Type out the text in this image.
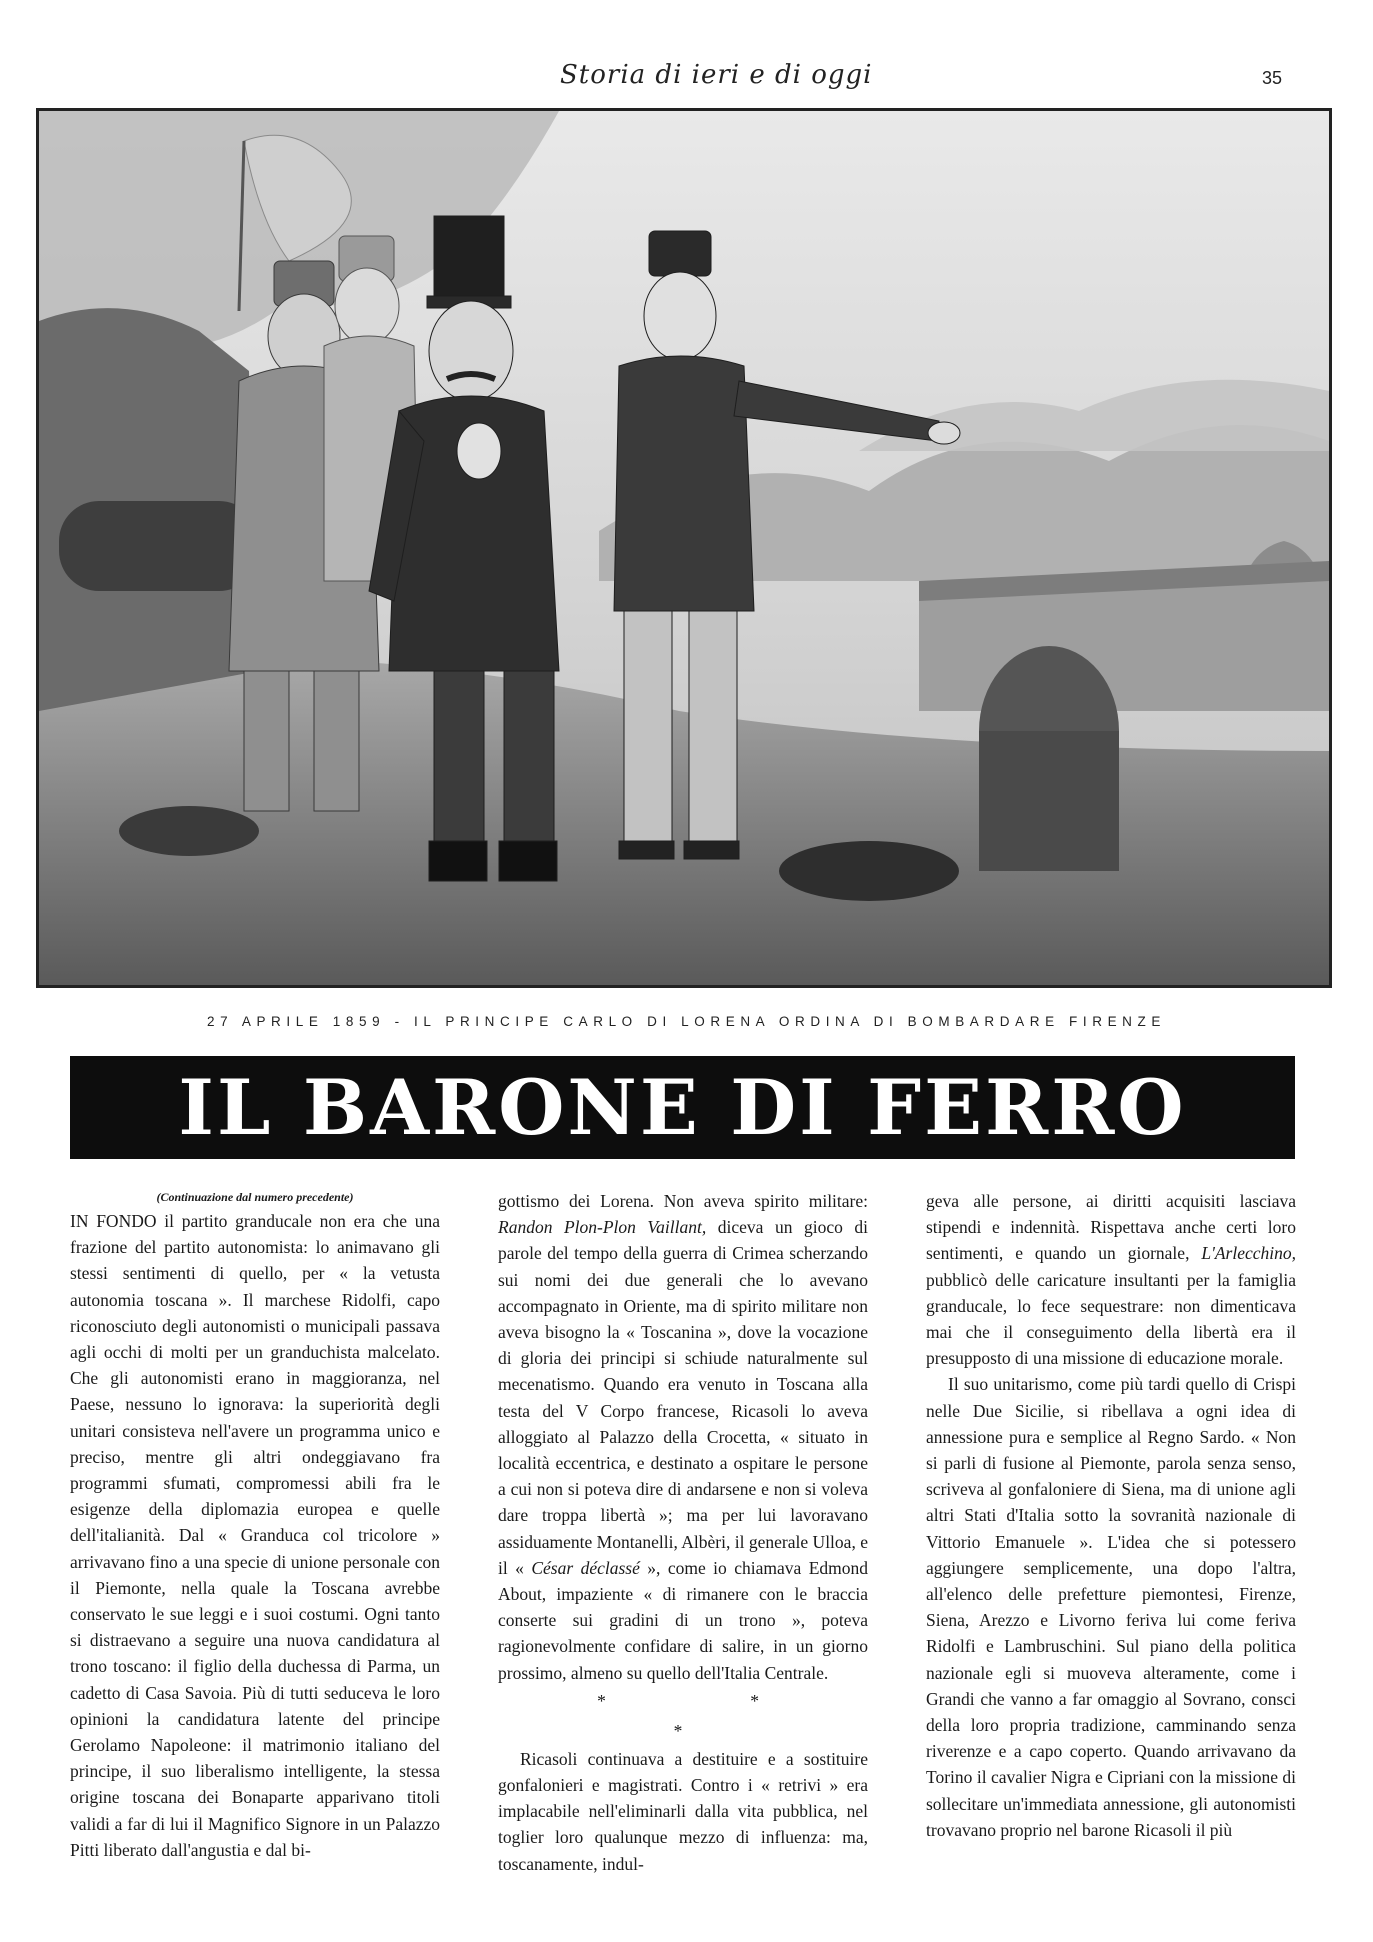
Storia di ieri e di oggi	35
27 APRILE 1859 - IL PRINCIPE CARLO DI LORENA ORDINA DI BOMBARDARE FIRENZE
IL BARONE DI FERRO

(Continuazione dal numero precedente)

IN FONDO il partito granducale non era che una frazione del partito autonomista: lo animavano gli stessi sentimenti di quello, per « la vetusta autonomia toscana ». Il marchese Ridolfi, capo riconosciuto degli autonomisti o municipali passava agli occhi di molti per un granduchista malcelato. Che gli autonomisti erano in maggioranza, nel Paese, nessuno lo ignorava: la superiorità degli unitari consisteva nell'avere un programma unico e preciso, mentre gli altri ondeggiavano fra programmi sfumati, compromessi abili fra le esigenze della diplomazia europea e quelle dell'italianità. Dal « Granduca col tricolore » arrivavano fino a una specie di unione personale con il Piemonte, nella quale la Toscana avrebbe conservato le sue leggi e i suoi costumi. Ogni tanto si distraevano a seguire una nuova candidatura al trono toscano: il figlio della duchessa di Parma, un cadetto di Casa Savoia. Più di tutti seduceva le loro opinioni la candidatura latente del principe Gerolamo Napoleone: il matrimonio italiano del principe, il suo liberalismo intelligente, la stessa origine toscana dei Bonaparte apparivano titoli validi a far di lui il Magnifico Signore in un Palazzo Pitti liberato dall'angustia e dal bi-

gottismo dei Lorena. Non aveva spirito militare: Randon Plon-Plon Vaillant, diceva un gioco di parole del tempo della guerra di Crimea scherzando sui nomi dei due generali che lo avevano accompagnato in Oriente, ma di spirito militare non aveva bisogno la « Toscanina », dove la vocazione di gloria dei principi si schiude naturalmente sul mecenatismo. Quando era venuto in Toscana alla testa del V Corpo francese, Ricasoli lo aveva alloggiato al Palazzo della Crocetta, « situato in località eccentrica, e destinato a ospitare le persone a cui non si poteva dire di andarsene e non si voleva dare troppa libertà »; ma per lui lavoravano assiduamente Montanelli, Albèri, il generale Ulloa, e il « César déclassé », come io chiamava Edmond About, impaziente « di rimanere con le braccia conserte sui gradini di un trono », poteva ragionevolmente confidare di salire, in un giorno prossimo, almeno su quello dell'Italia Centrale.

* * *

Ricasoli continuava a destituire e a sostituire gonfalonieri e magistrati. Contro i « retrivi » era implacabile nell'eliminarli dalla vita pubblica, nel toglier loro qualunque mezzo di influenza: ma, toscanamente, indul-

geva alle persone, ai diritti acquisiti lasciava stipendi e indennità. Rispettava anche certi loro sentimenti, e quando un giornale, L'Arlecchino, pubblicò delle caricature insultanti per la famiglia granducale, lo fece sequestrare: non dimenticava mai che il conseguimento della libertà era il presupposto di una missione di educazione morale.

Il suo unitarismo, come più tardi quello di Crispi nelle Due Sicilie, si ribellava a ogni idea di annessione pura e semplice al Regno Sardo. « Non si parli di fusione al Piemonte, parola senza senso, scriveva al gonfaloniere di Siena, ma di unione agli altri Stati d'Italia sotto la sovranità nazionale di Vittorio Emanuele ». L'idea che si potessero aggiungere semplicemente, una dopo l'altra, all'elenco delle prefetture piemontesi, Firenze, Siena, Arezzo e Livorno feriva lui come feriva Ridolfi e Lambruschini. Sul piano della politica nazionale egli si muoveva alteramente, come i Grandi che vanno a far omaggio al Sovrano, consci della loro propria tradizione, camminando senza riverenze e a capo coperto. Quando arrivavano da Torino il cavalier Nigra e Cipriani con la missione di sollecitare un'immediata annessione, gli autonomisti trovavano proprio nel barone Ricasoli il più
